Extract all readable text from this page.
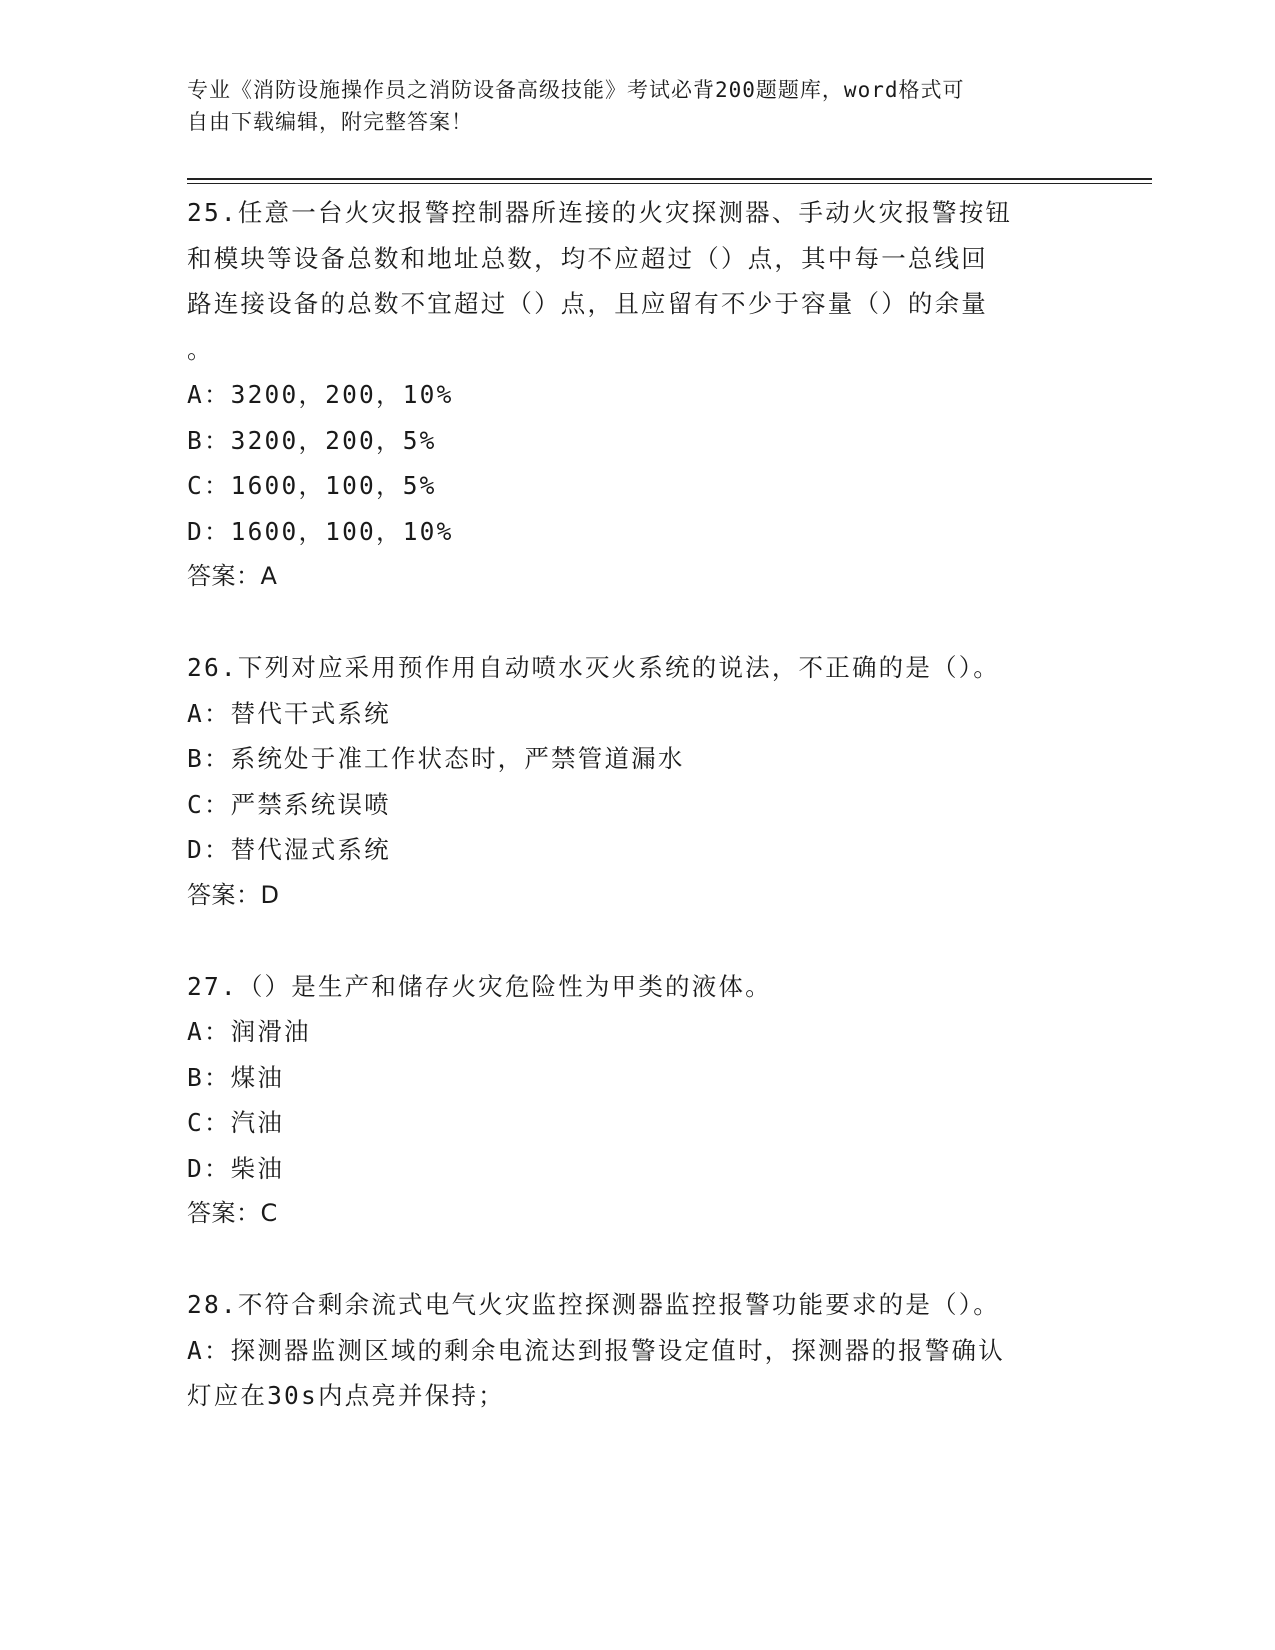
专业《消防设施操作员之消防设备高级技能》考试必背200题题库，word格式可
自由下载编辑，附完整答案！
25.任意一台火灾报警控制器所连接的火灾探测器、手动火灾报警按钮
和模块等设备总数和地址总数，均不应超过（）点，其中每一总线回
路连接设备的总数不宜超过（）点，且应留有不少于容量（）的余量
。
A：3200，200，10%
B：3200，200，5%
C：1600，100，5%
D：1600，100，10%
答案：A
26.下列对应采用预作用自动喷水灭火系统的说法，不正确的是（）。
A：替代干式系统
B：系统处于准工作状态时，严禁管道漏水
C：严禁系统误喷
D：替代湿式系统
答案：D
27.（）是生产和储存火灾危险性为甲类的液体。
A：润滑油
B：煤油
C：汽油
D：柴油
答案：C
28.不符合剩余流式电气火灾监控探测器监控报警功能要求的是（）。
A：探测器监测区域的剩余电流达到报警设定值时，探测器的报警确认
灯应在30s内点亮并保持；
